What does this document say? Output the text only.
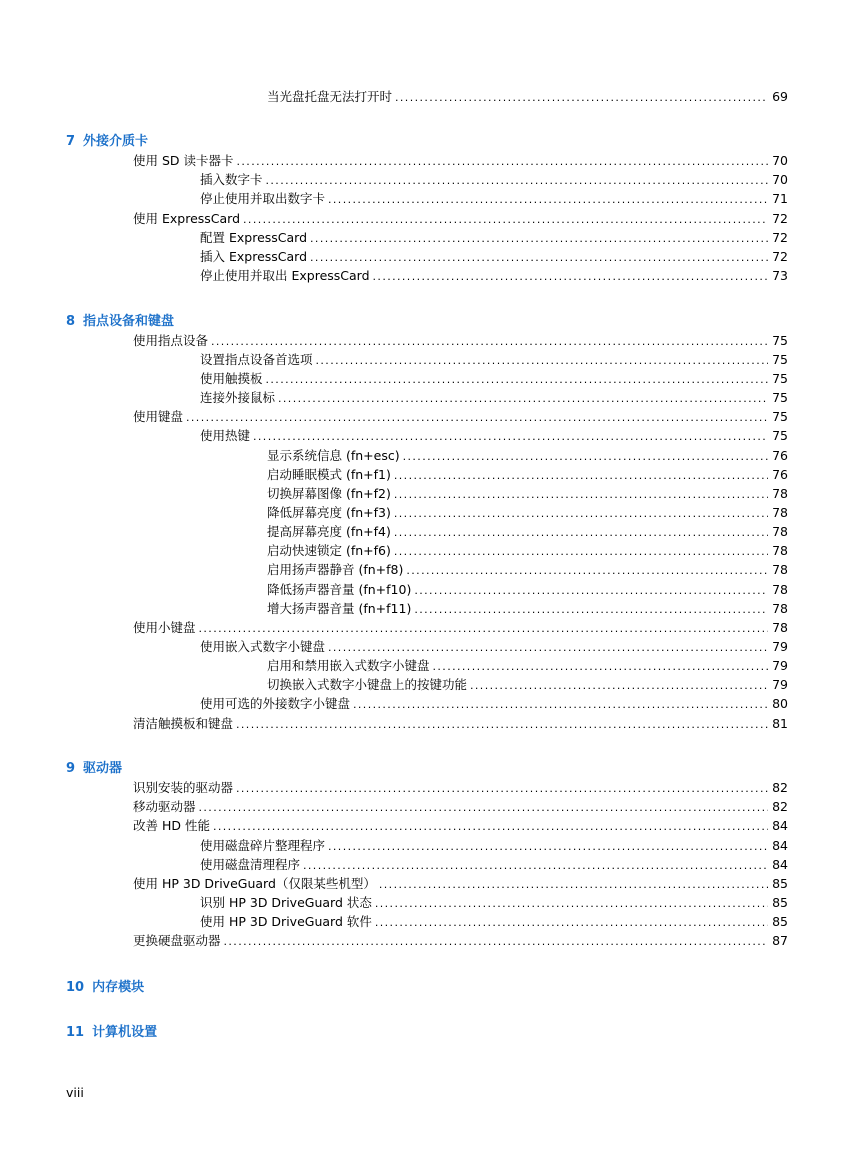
当光盘托盘无法打开时 .....	69
7 外接介质卡
使用 SD 读卡器卡 .....	70
插入数字卡 .....	70
停止使用并取出数字卡 .....	71
使用 ExpressCard .....	72
配置 ExpressCard .....	72
插入 ExpressCard .....	72
停止使用并取出 ExpressCard .....	73
8 指点设备和键盘
使用指点设备 .....	75
设置指点设备首选项 .....	75
使用触摸板 .....	75
连接外接鼠标 .....	75
使用键盘 .....	75
使用热键 .....	75
显示系统信息 (fn+esc) .....	76
启动睡眠模式 (fn+f1) .....	76
切换屏幕图像 (fn+f2) .....	78
降低屏幕亮度 (fn+f3) .....	78
提高屏幕亮度 (fn+f4) .....	78
启动快速锁定 (fn+f6) .....	78
启用扬声器静音 (fn+f8) .....	78
降低扬声器音量 (fn+f10) .....	78
增大扬声器音量 (fn+f11) .....	78
使用小键盘 .....	78
使用嵌入式数字小键盘 .....	79
启用和禁用嵌入式数字小键盘 .....	79
切换嵌入式数字小键盘上的按键功能 .....	79
使用可选的外接数字小键盘 .....	80
清洁触摸板和键盘 .....	81
9 驱动器
识别安装的驱动器 .....	82
移动驱动器 .....	82
改善 HD 性能 .....	84
使用磁盘碎片整理程序 .....	84
使用磁盘清理程序 .....	84
使用 HP 3D DriveGuard（仅限某些机型） .....	85
识别 HP 3D DriveGuard 状态 .....	85
使用 HP 3D DriveGuard 软件 .....	85
更换硬盘驱动器 .....	87
10 内存模块
11 计算机设置
viii
